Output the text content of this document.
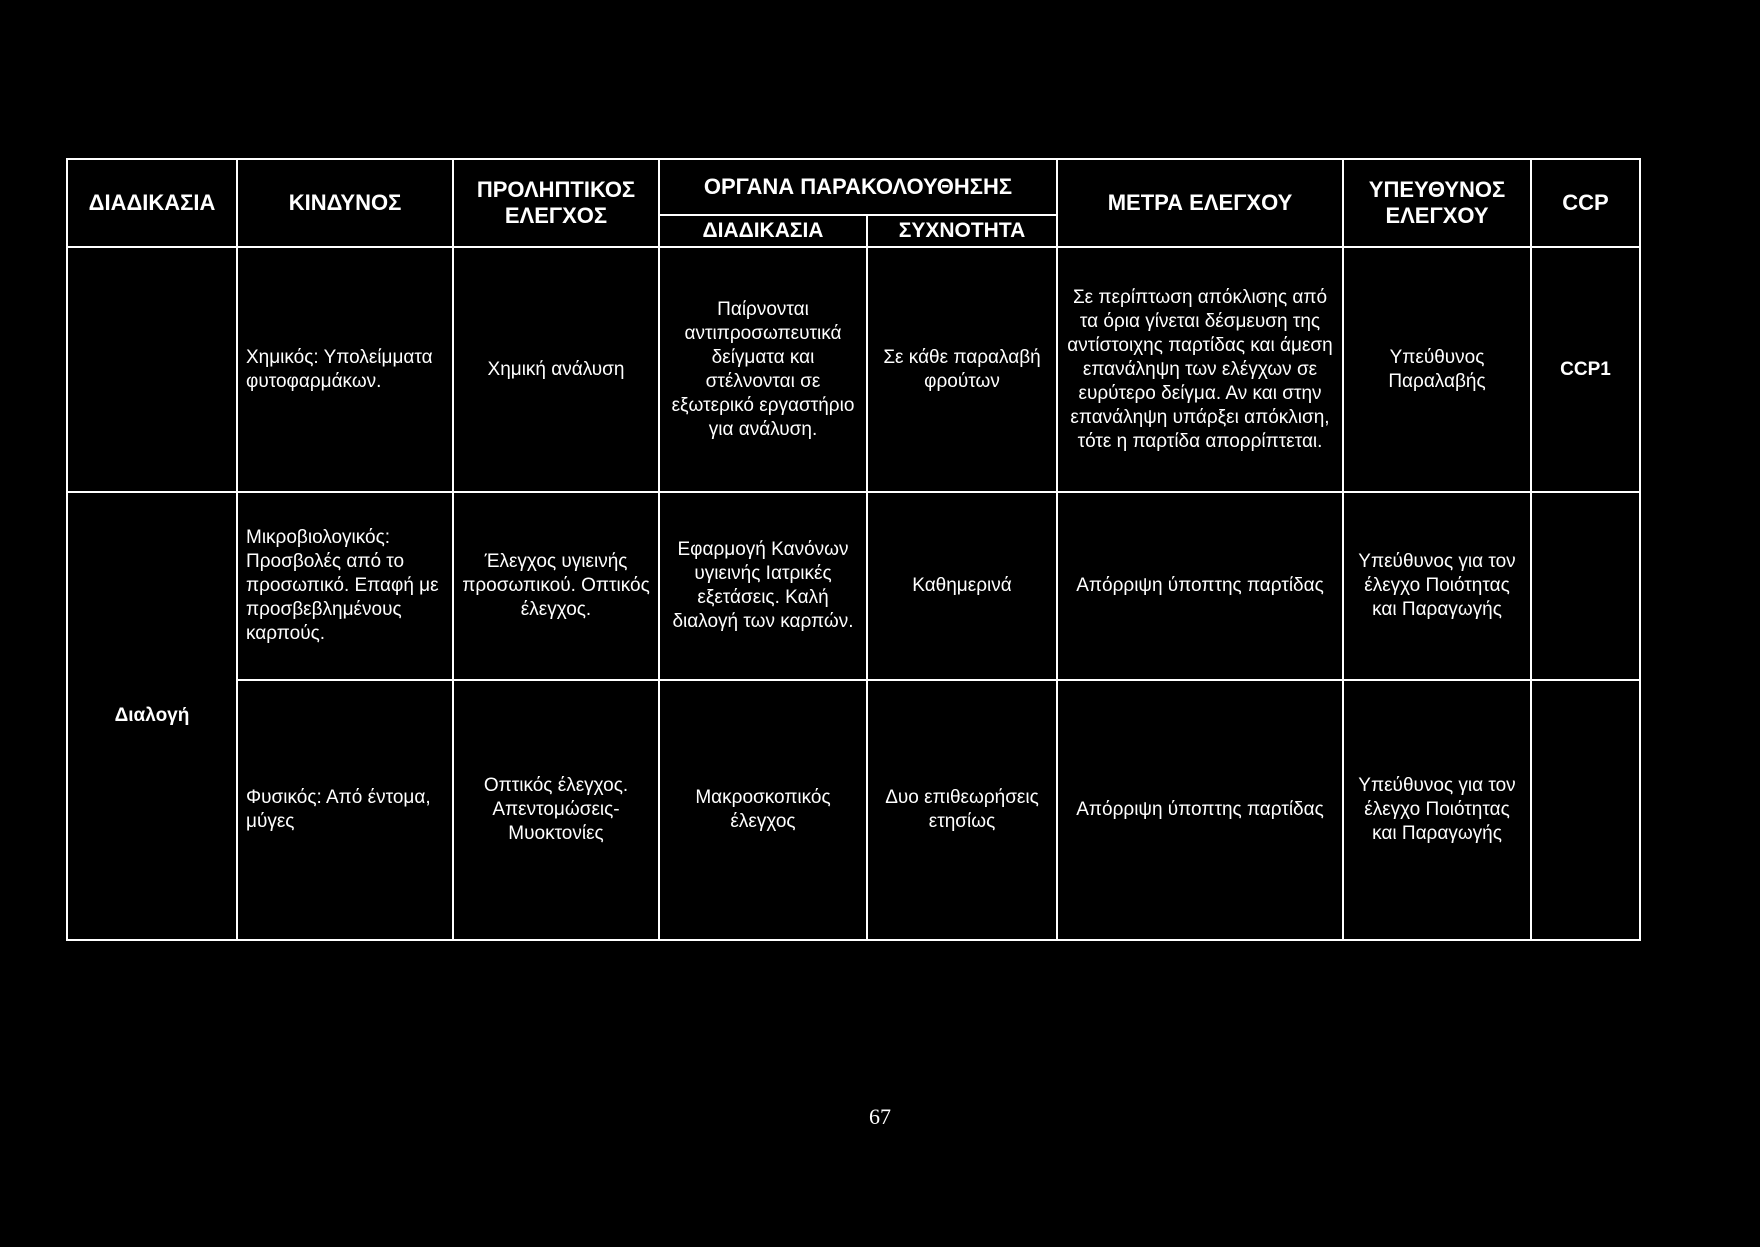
ΔΙΑΔΙΚΑΣΙΑ	ΚΙΝΔΥΝΟΣ	ΠΡΟΛΗΠΤΙΚΟΣ ΕΛΕΓΧΟΣ	ΟΡΓΑΝΑ ΠΑΡΑΚΟΛΟΥΘΗΣΗΣ		ΜΕΤΡΑ ΕΛΕΓΧΟΥ	ΥΠΕΥΘΥΝΟΣ ΕΛΕΓΧΟΥ	CCP
			ΔΙΑΔΙΚΑΣΙΑ	ΣΥΧΝΟΤΗΤΑ			
	Χημικός: Υπολείμματα φυτοφαρμάκων.	Χημική ανάλυση	Παίρνονται αντιπροσωπευτικά δείγματα και στέλνονται σε εξωτερικό εργαστήριο για ανάλυση.	Σε κάθε παραλαβή φρούτων	Σε περίπτωση απόκλισης από τα όρια γίνεται δέσμευση της αντίστοιχης παρτίδας και άμεση επανάληψη των ελέγχων σε ευρύτερο δείγμα. Αν και στην επανάληψη υπάρξει απόκλιση, τότε η παρτίδα απορρίπτεται.	Υπεύθυνος Παραλαβής	CCP1
Διαλογή	Μικροβιολογικός: Προσβολές από το προσωπικό. Επαφή με προσβεβλημένους καρπούς.	Έλεγχος υγιεινής προσωπικού. Οπτικός έλεγχος.	Εφαρμογή Κανόνων υγιεινής Ιατρικές εξετάσεις. Καλή διαλογή των καρπών.	Καθημερινά	Απόρριψη ύποπτης παρτίδας	Υπεύθυνος για τον έλεγχο Ποιότητας και Παραγωγής	
	Φυσικός: Από έντομα, μύγες	Οπτικός έλεγχος. Απεντομώσεις- Μυοκτονίες	Μακροσκοπικός έλεγχος	Δυο επιθεωρήσεις ετησίως	Απόρριψη ύποπτης παρτίδας	Υπεύθυνος για τον έλεγχο Ποιότητας και Παραγωγής	
67
